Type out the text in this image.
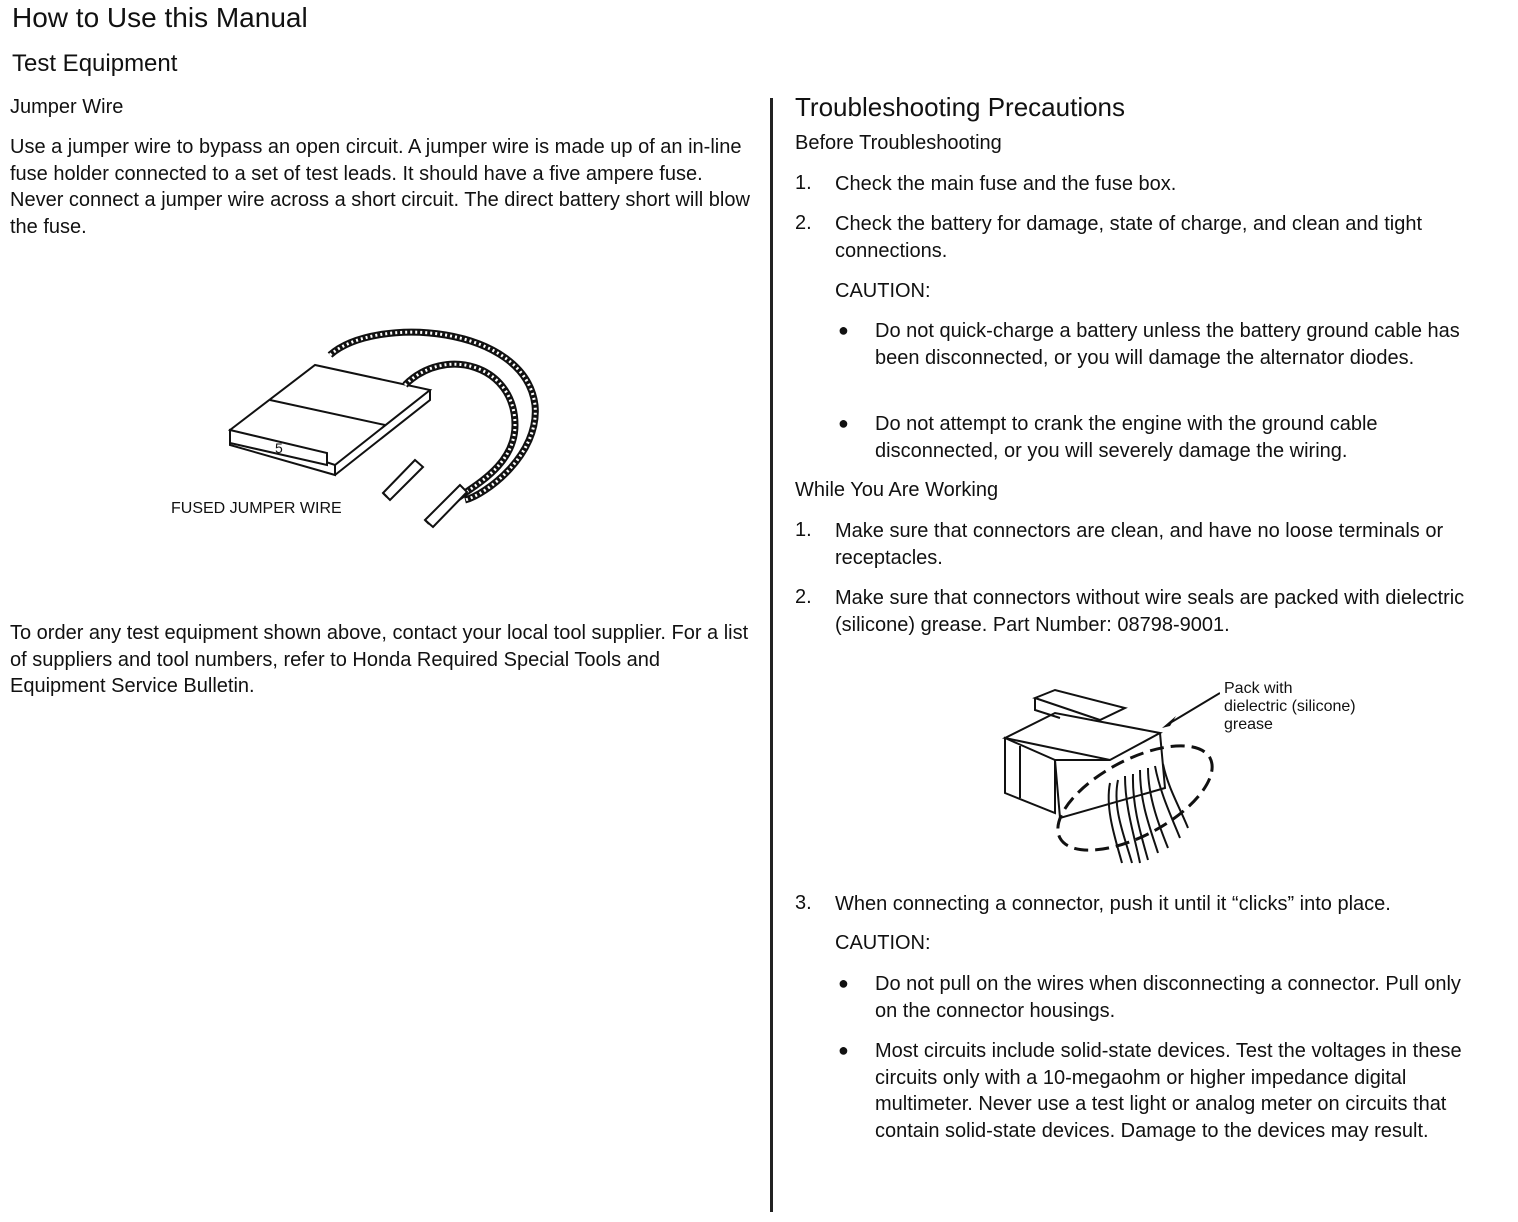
How to Use this Manual
Test Equipment
Jumper Wire
Use a jumper wire to bypass an open circuit. A jumper wire is made up of an in-line fuse holder connected to a set of test leads. It should have a five ampere fuse. Never connect a jumper wire across a short circuit. The direct battery short will blow the fuse.
5
FUSED JUMPER WIRE
To order any test equipment shown above, contact your local tool supplier. For a list of suppliers and tool numbers, refer to Honda Required Special Tools and Equipment Service Bulletin.
Troubleshooting Precautions
Before Troubleshooting
1. Check the main fuse and the fuse box.
2. Check the battery for damage, state of charge, and clean and tight connections.
CAUTION:
● Do not quick-charge a battery unless the battery ground cable has been disconnected, or you will damage the alternator diodes.
● Do not attempt to crank the engine with the ground cable disconnected, or you will severely damage the wiring.
While You Are Working
1. Make sure that connectors are clean, and have no loose terminals or receptacles.
2. Make sure that connectors without wire seals are packed with dielectric (silicone) grease. Part Number: 08798-9001.
Pack with
dielectric (silicone)
grease
3. When connecting a connector, push it until it “clicks” into place.
CAUTION:
● Do not pull on the wires when disconnecting a connector. Pull only on the connector housings.
● Most circuits include solid-state devices. Test the voltages in these circuits only with a 10-megaohm or higher impedance digital multimeter. Never use a test light or analog meter on circuits that contain solid-state devices. Damage to the devices may result.
